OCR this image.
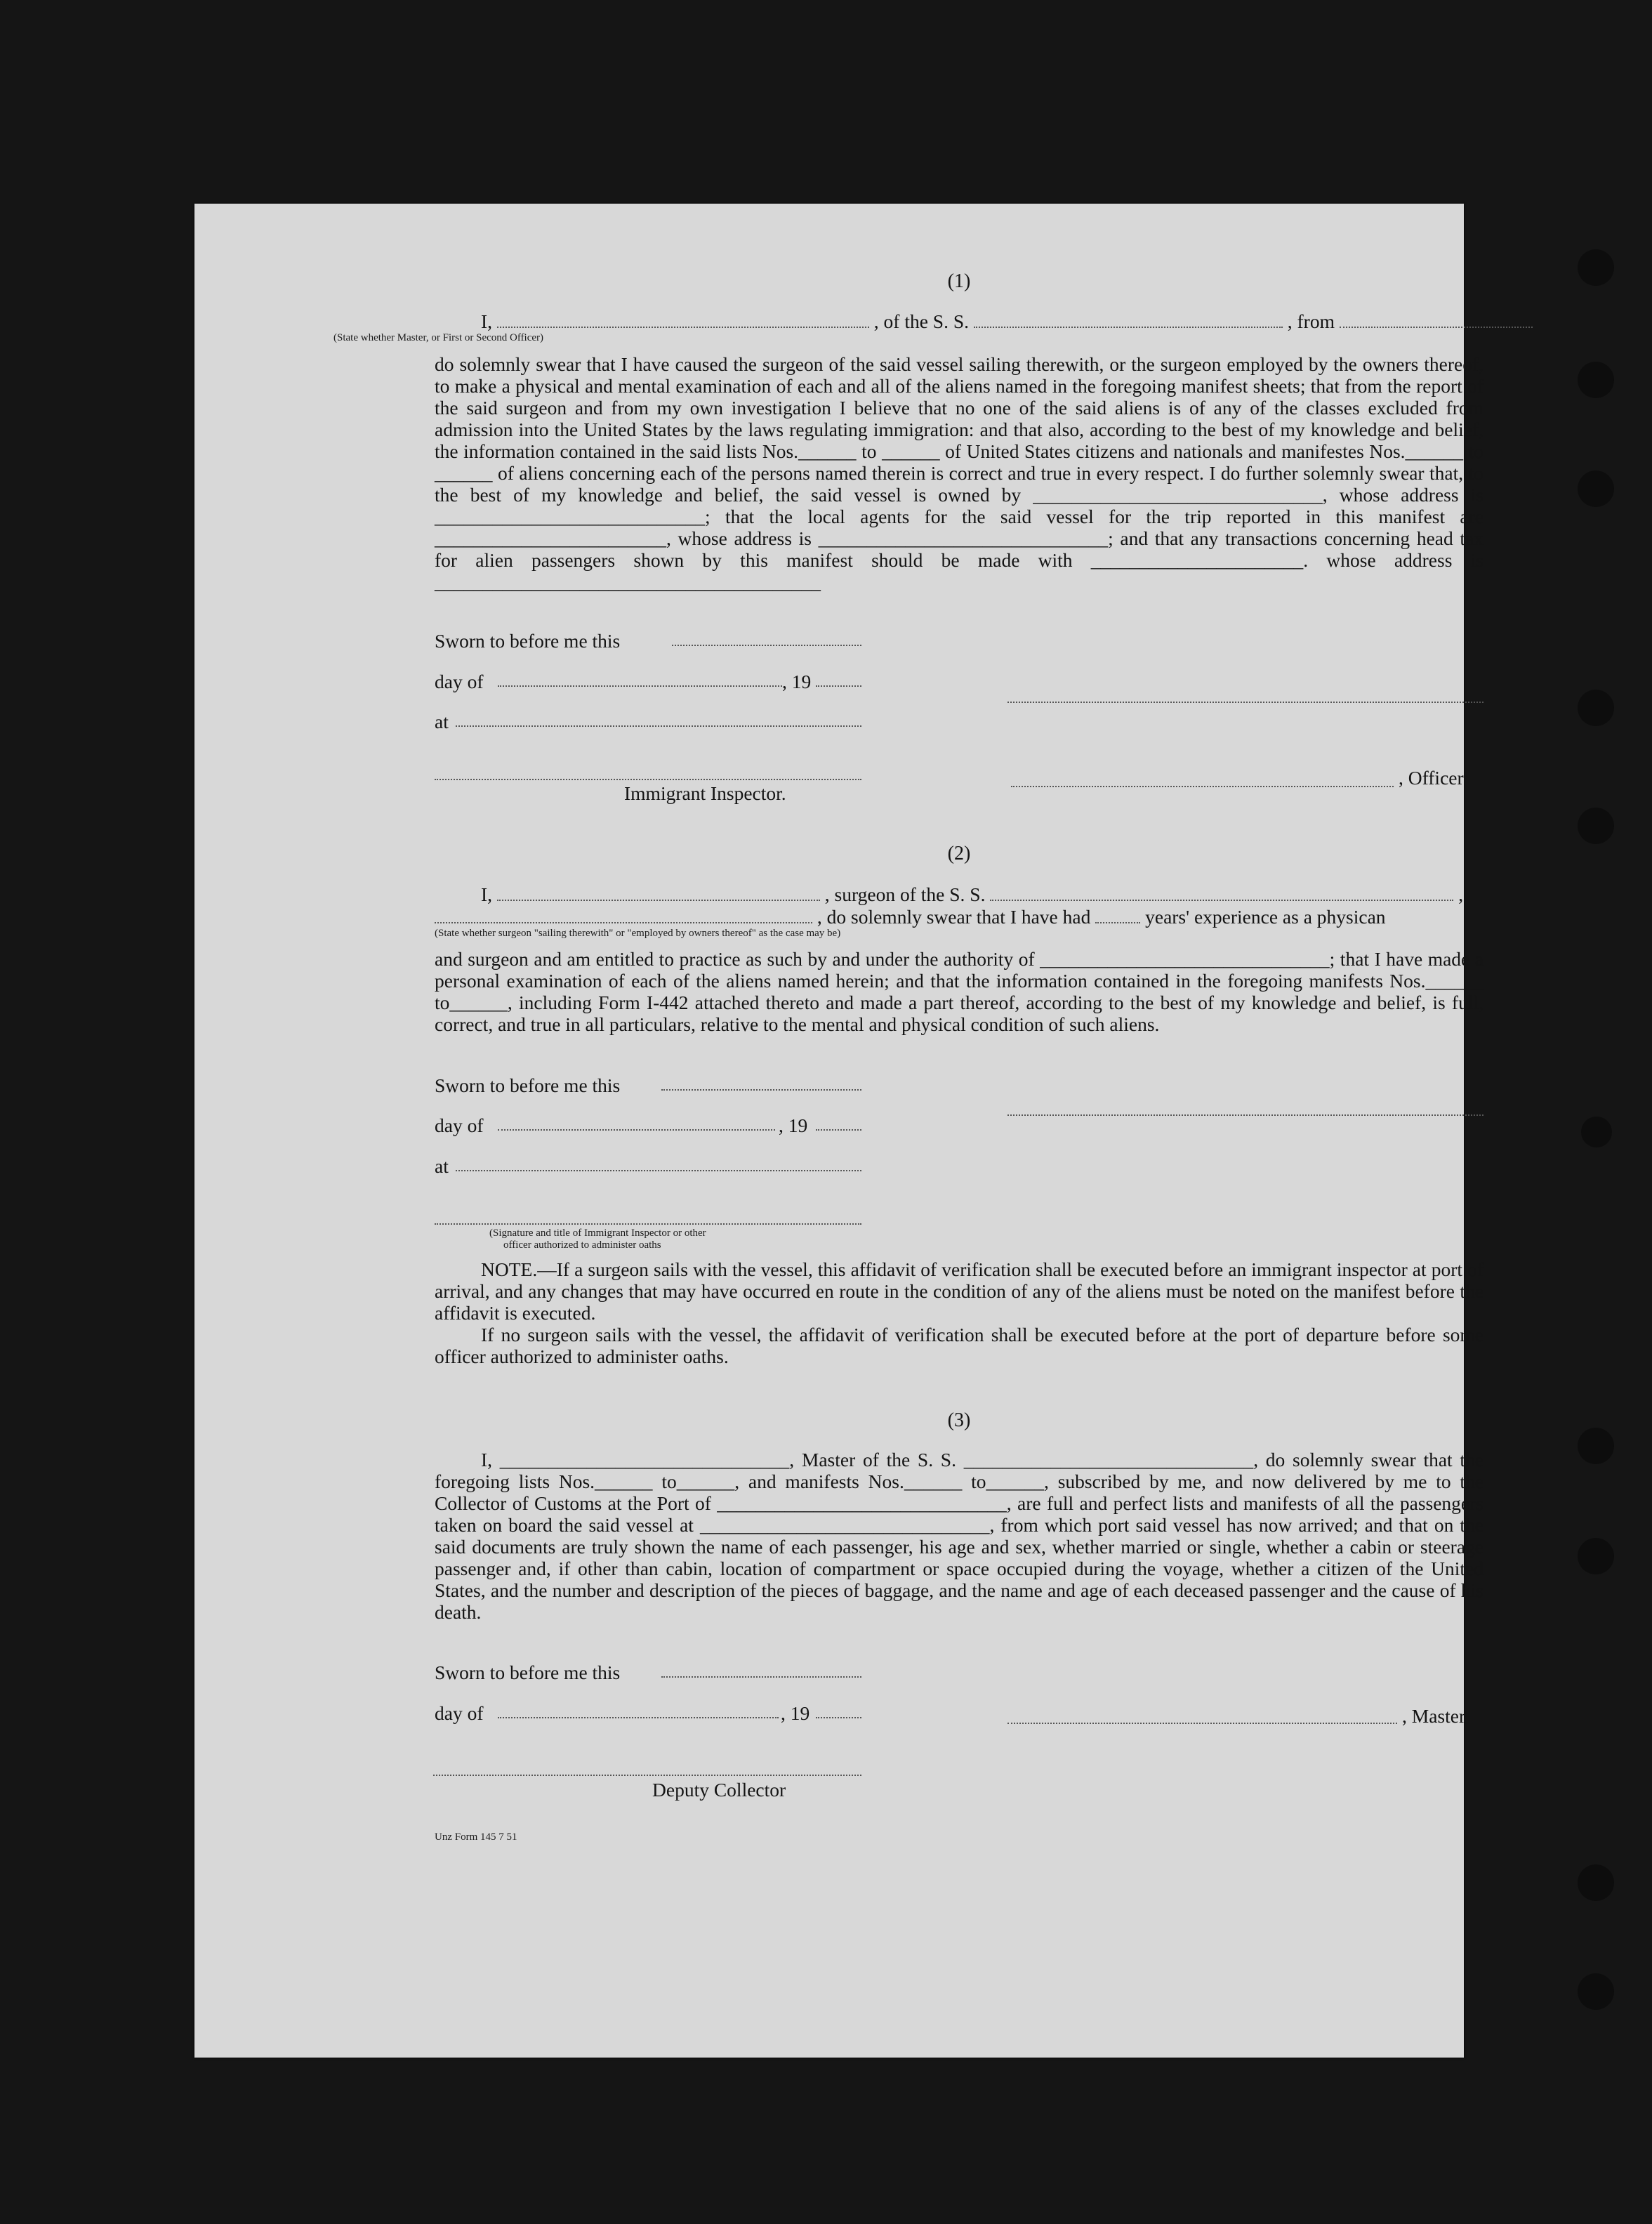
(1)
I,	, of the S. S.	, from
(State whether Master, or First or Second Officer)

do solemnly swear that I have caused the surgeon of the said vessel sailing therewith, or the surgeon employed by the owners thereof, to make a physical and mental examination of each and all of the aliens named in the foregoing manifest sheets; that from the report of the said surgeon and from my own investigation I believe that no one of the said aliens is of any of the classes excluded from admission into the United States by the laws regulating immigration: and that also, according to the best of my knowledge and belief, the information contained in the said lists Nos.______ to ______ of United States citizens and nationals and manifestes Nos.______ to ______ of aliens concerning each of the persons named therein is correct and true in every respect. I do further solemnly swear that, to the best of my knowledge and belief, the said vessel is owned by ______________________________, whose address is ____________________________; that the local agents for the said vessel for the trip reported in this manifest are ________________________, whose address is ______________________________; and that any transactions concerning head tax for alien passengers shown by this manifest should be made with ______________________. whose address is ________________________________________

Sworn to before me this
day of	, 19
at
, Officer
Immigrant Inspector.
(2)
I,	, surgeon of the S. S.	,
, do solemnly swear that I have had	years' experience as a physican
(State whether surgeon "sailing therewith" or "employed by owners thereof" as the case may be)

and surgeon and am entitled to practice as such by and under the authority of ______________________________; that I have made a personal examination of each of the aliens named herein; and that the information contained in the foregoing manifests Nos.______ to______, including Form I-442 attached thereto and made a part thereof, according to the best of my knowledge and belief, is full, correct, and true in all particulars, relative to the mental and physical condition of such aliens.

Sworn to before me this
day of	, 19
at
(Signature and title of Immigrant Inspector or other
officer authorized to administer oaths

NOTE.—If a surgeon sails with the vessel, this affidavit of verification shall be executed before an immigrant inspector at port of arrival, and any changes that may have occurred en route in the condition of any of the aliens must be noted on the manifest before the affidavit is executed.

If no surgeon sails with the vessel, the affidavit of verification shall be executed before at the port of departure before some officer authorized to administer oaths.

(3)

I, ______________________________, Master of the S. S. ______________________________, do solemnly swear that the foregoing lists Nos.______ to______, and manifests Nos.______ to______, subscribed by me, and now delivered by me to the Collector of Customs at the Port of ______________________________, are full and perfect lists and manifests of all the passengers taken on board the said vessel at ______________________________, from which port said vessel has now arrived; and that on the said documents are truly shown the name of each passenger, his age and sex, whether married or single, whether a cabin or steerage passenger and, if other than cabin, location of compartment or space occupied during the voyage, whether a citizen of the United States, and the number and description of the pieces of baggage, and the name and age of each deceased passenger and the cause of his death.

Sworn to before me this
day of	, 19	, Master
Deputy Collector
Unz Form 145 7 51
